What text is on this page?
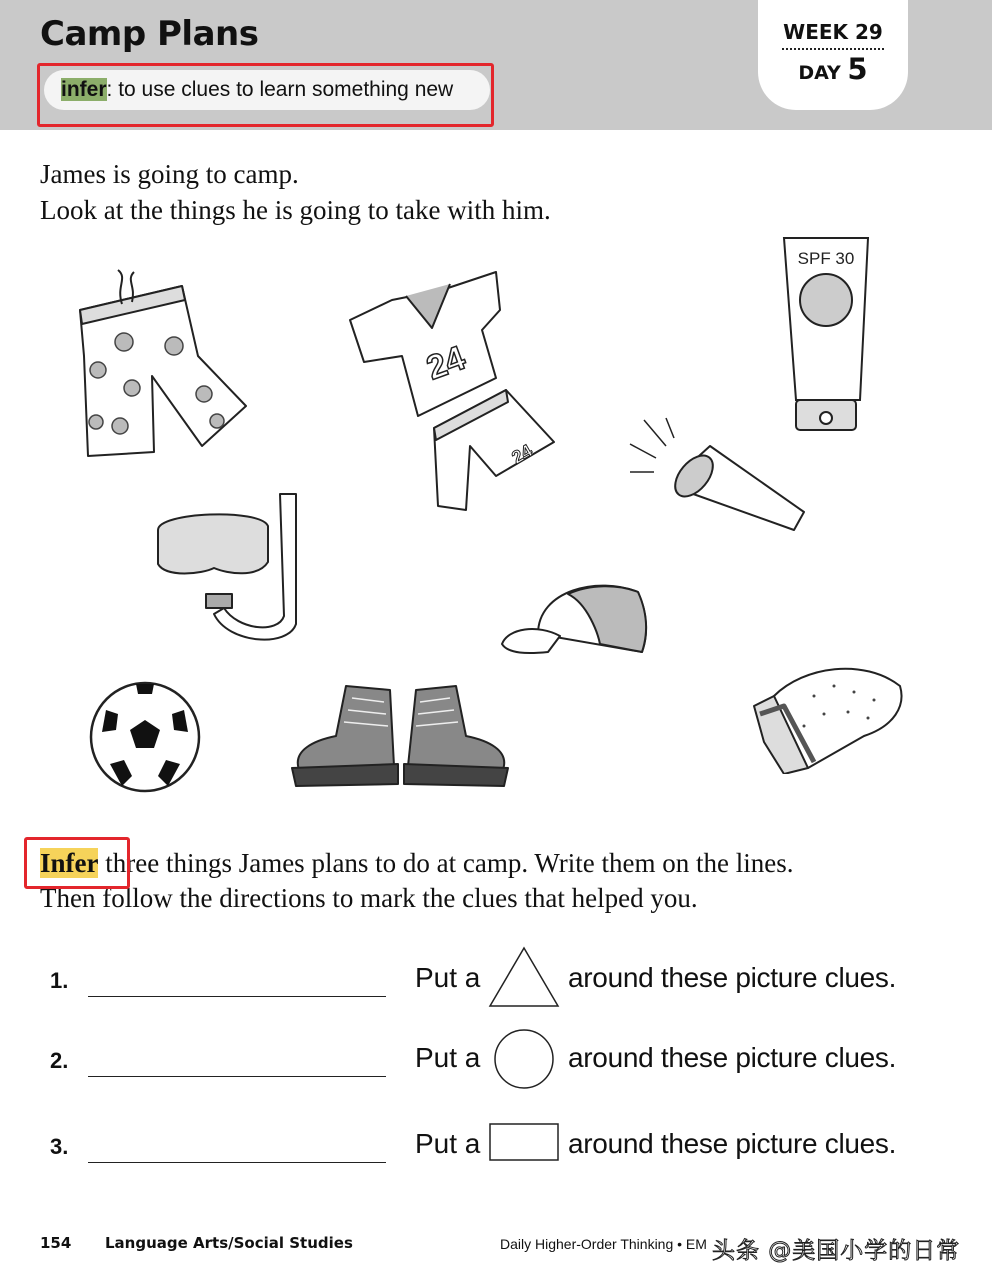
Camp Plans
infer: to use clues to learn something new
WEEK 29
DAY 5
James is going to camp.
Look at the things he is going to take with him.
24
24
SPF 30
Infer three things James plans to do at camp. Write them on the lines.
Then follow the directions to mark the clues that helped you.
1.	Put a	around these picture clues.
2.	Put a	around these picture clues.
3.	Put a	around these picture clues.
154 Language Arts/Social Studies	Daily Higher-Order Thinking • EM 头条 @美国小学的日常
